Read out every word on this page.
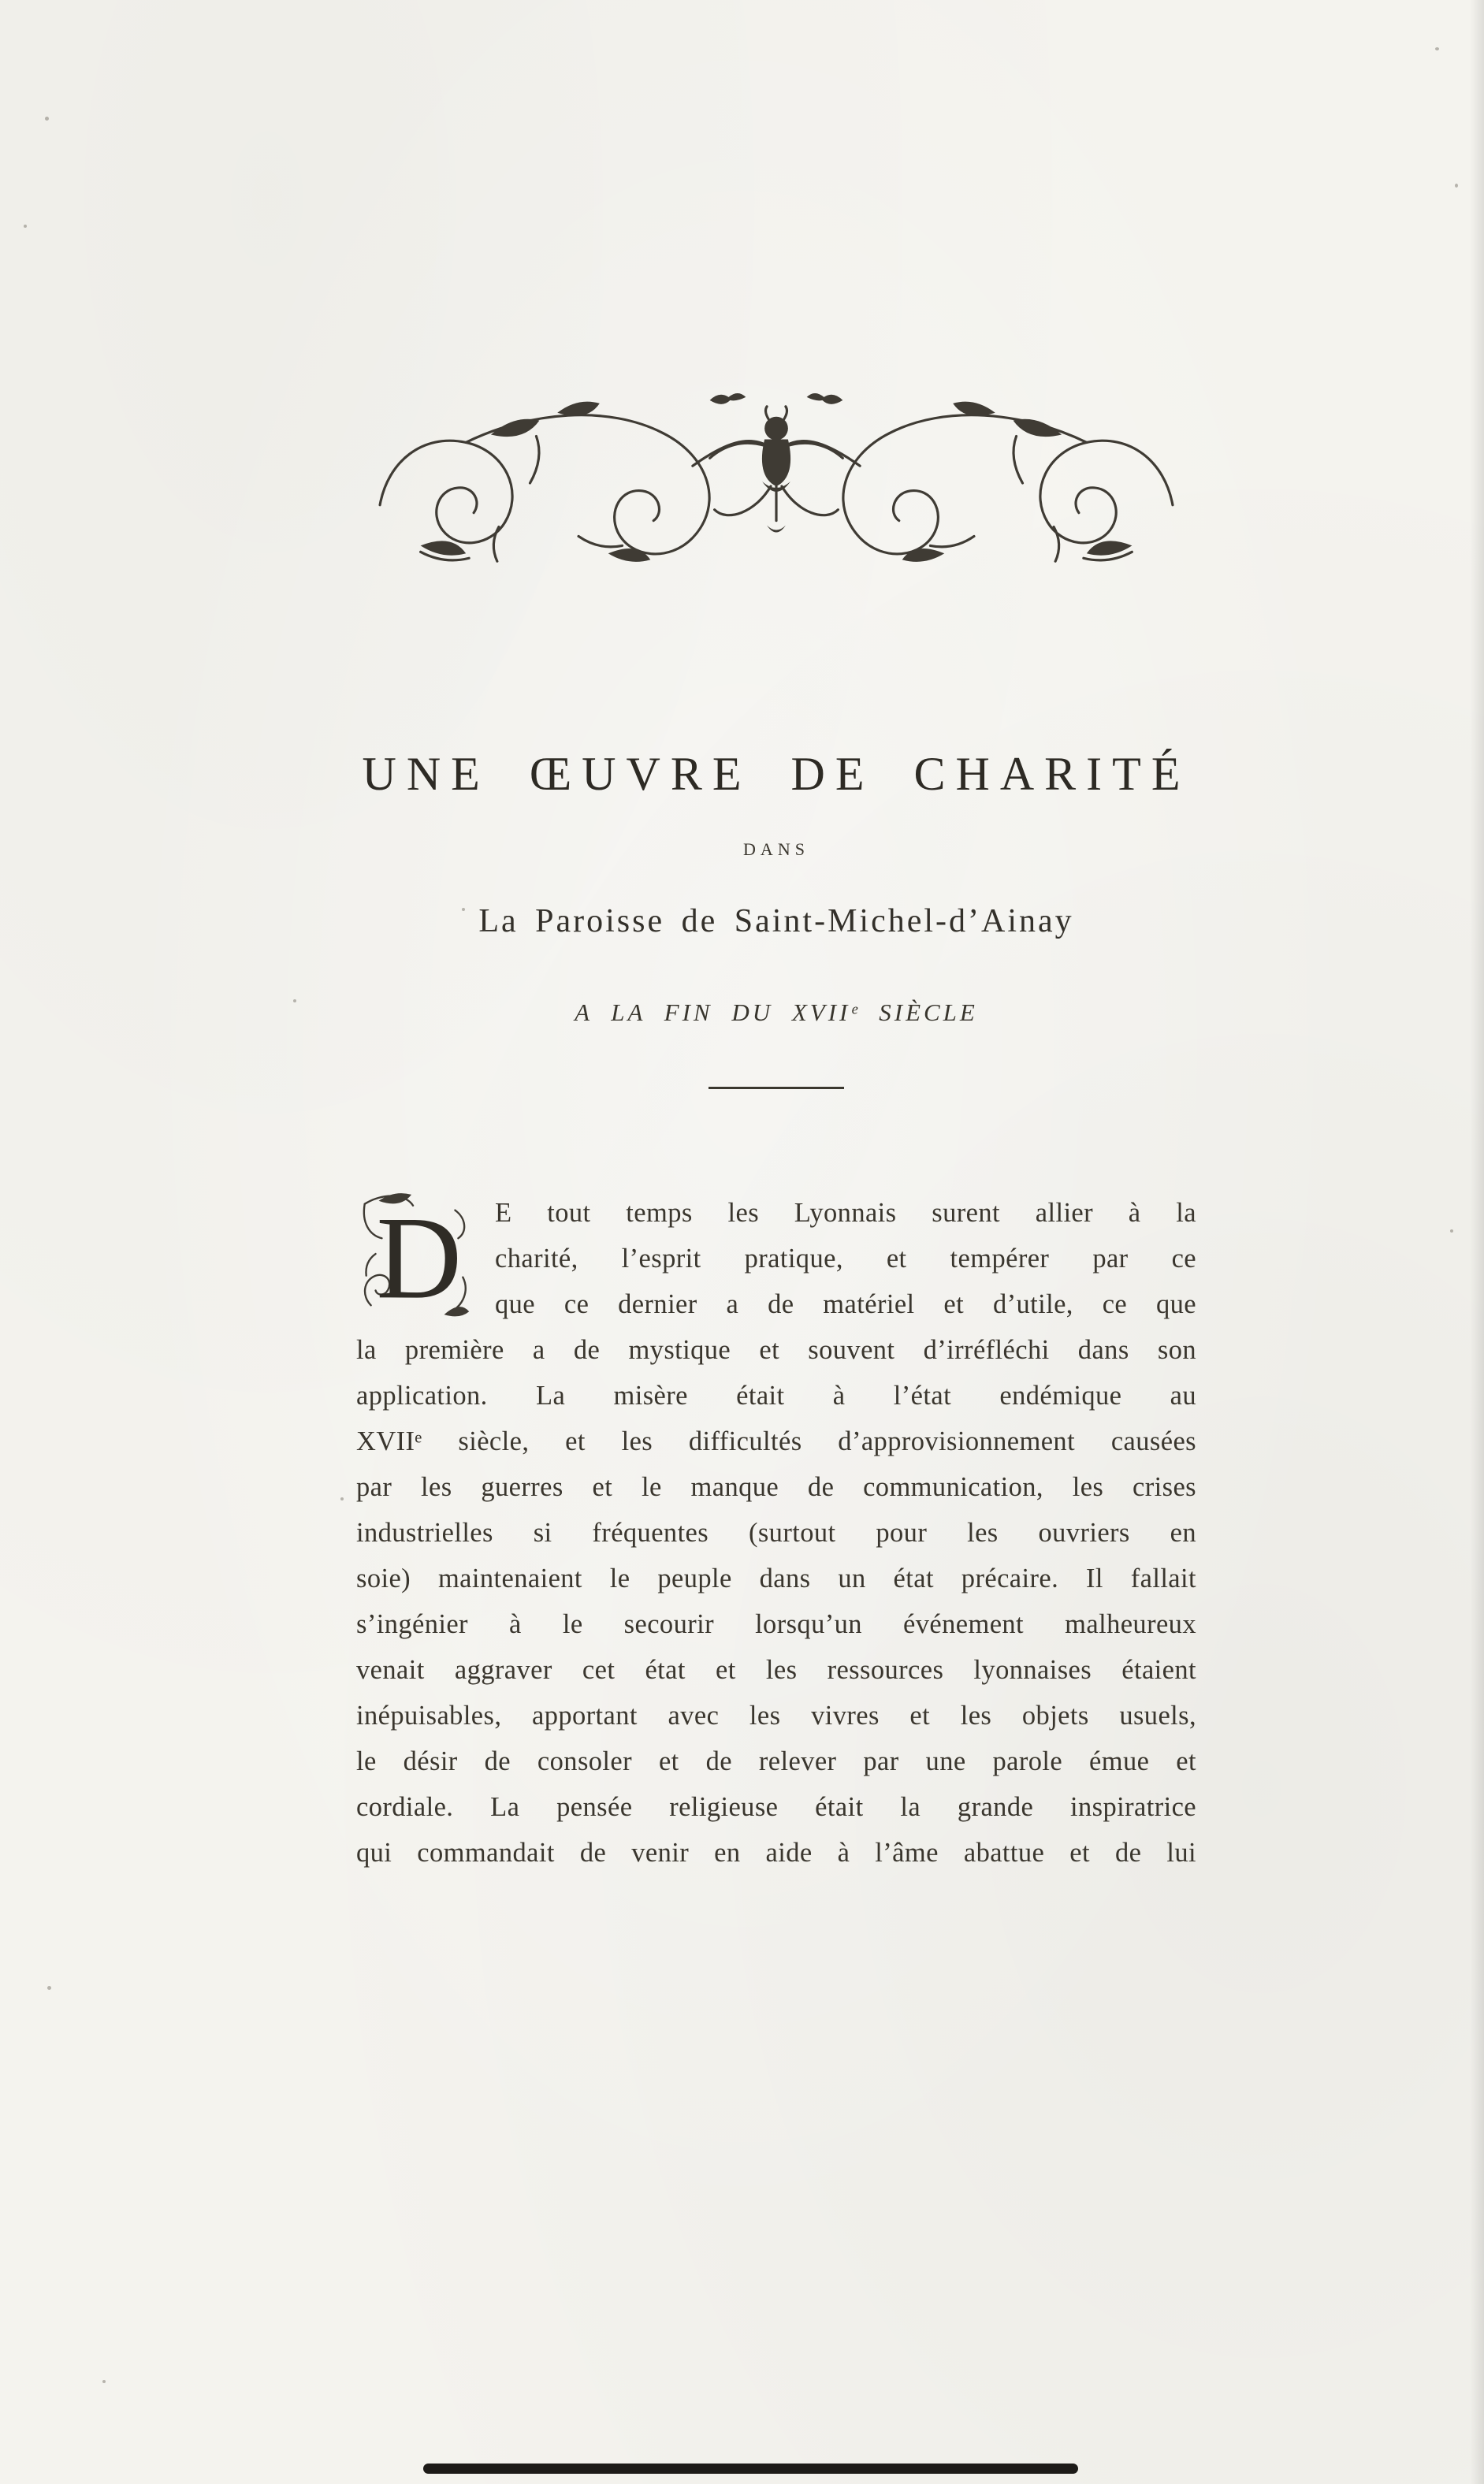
UNE ŒUVRE DE CHARITÉ
DANS
La Paroisse de Saint-Michel-d’Ainay
A LA FIN DU XVIIᵉ SIÈCLE
D	E tout temps les Lyonnais surent allier à la
charité, l’esprit pratique, et tempérer par ce
que ce dernier a de matériel et d’utile, ce que
la première a de mystique et souvent d’irréfléchi dans son
application. La misère était à l’état endémique au
XVIIᵉ siècle, et les difficultés d’approvisionnement causées
par les guerres et le manque de communication, les crises
industrielles si fréquentes (surtout pour les ouvriers en
soie) maintenaient le peuple dans un état précaire. Il fallait
s’ingénier à le secourir lorsqu’un événement malheureux
venait aggraver cet état et les ressources lyonnaises étaient
inépuisables, apportant avec les vivres et les objets usuels,
le désir de consoler et de relever par une parole émue et
cordiale. La pensée religieuse était la grande inspiratrice
qui commandait de venir en aide à l’âme abattue et de lui
